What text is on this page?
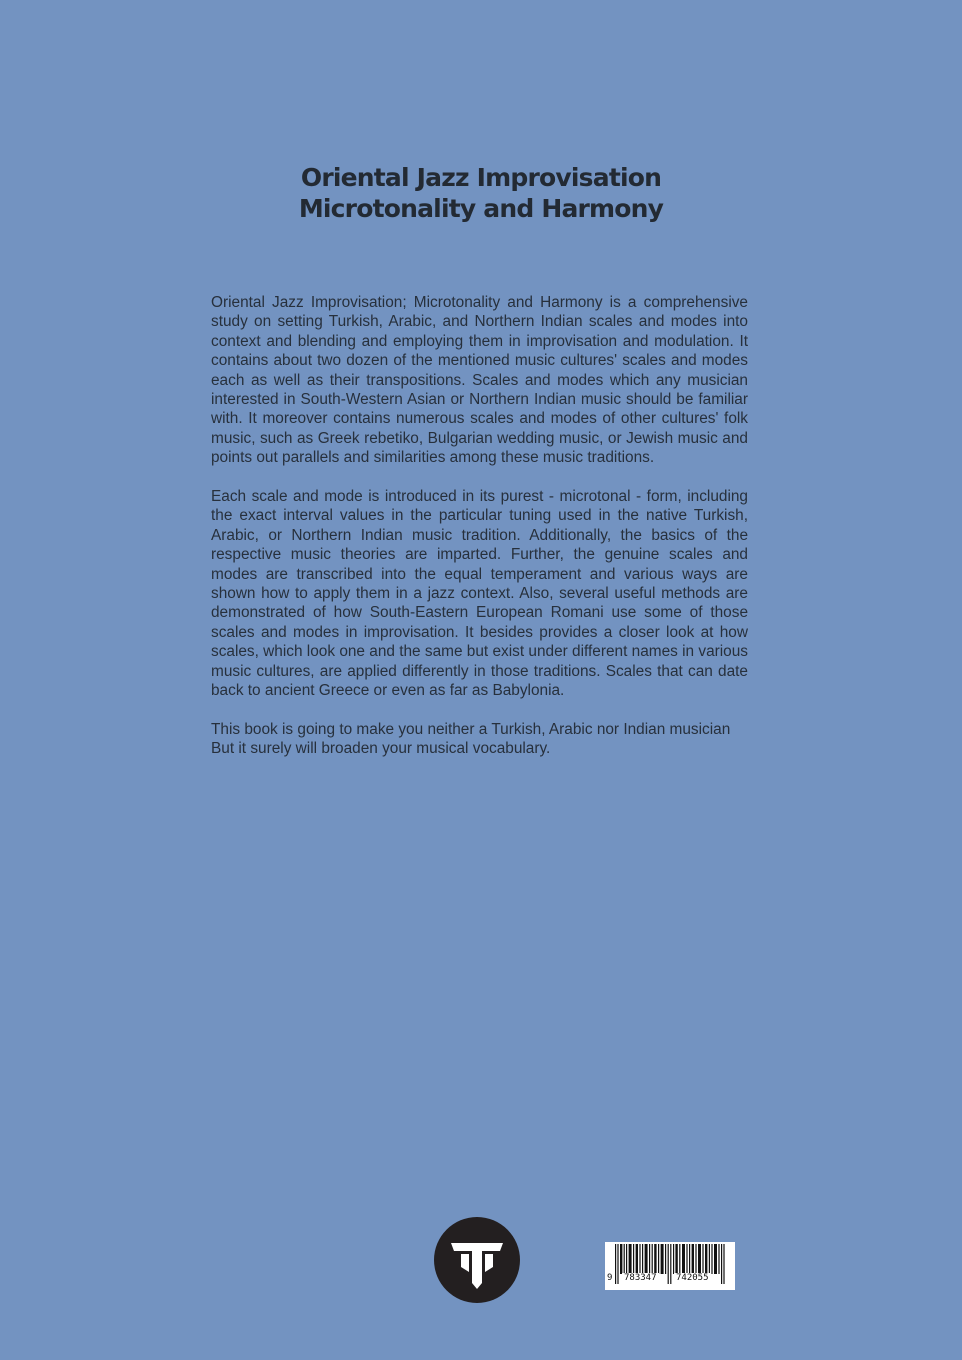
Oriental Jazz Improvisation

Microtonality and Harmony

Oriental Jazz Improvisation; Microtonality and Harmony is a comprehensive study on setting Turkish, Arabic, and Northern Indian scales and modes into context and blending and employing them in improvisation and modulation. It contains about two dozen of the mentioned music cultures' scales and modes each as well as their transpositions. Scales and modes which any musician interested in South-Western Asian or Northern Indian music should be familiar with. It moreover contains numerous scales and modes of other cultures' folk music, such as Greek rebetiko, Bulgarian wedding music, or Jewish music and points out parallels and similarities among these music traditions.

Each scale and mode is introduced in its purest - microtonal - form, including the exact interval values in the particular tuning used in the native Turkish, Arabic, or Northern Indian music tradition. Additionally, the basics of the respective music theories are imparted. Further, the genuine scales and modes are transcribed into the equal temperament and various ways are shown how to apply them in a jazz context. Also, several useful methods are demonstrated of how South-Eastern European Romani use some of those scales and modes in improvisation. It besides provides a closer look at how scales, which look one and the same but exist under different names in various music cultures, are applied differently in those traditions. Scales that can date back to ancient Greece or even as far as Babylonia.

This book is going to make you neither a Turkish, Arabic nor Indian musician
But it surely will broaden your musical vocabulary.

9 783347 742055
